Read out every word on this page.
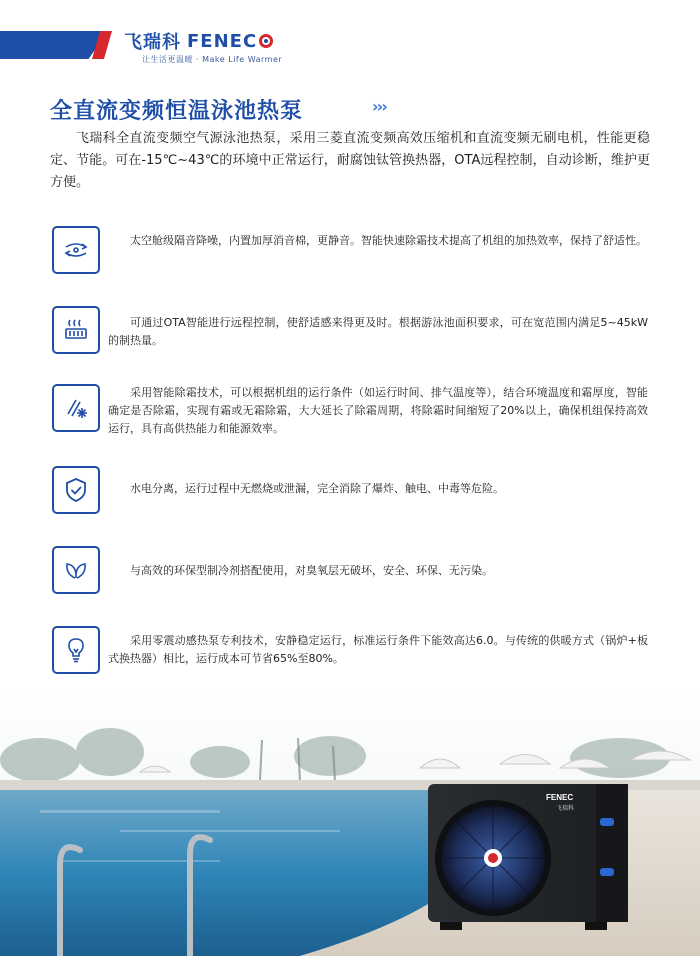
飞瑞科 FENEC
让生活更温暖 · Make Life Warmer
全直流变频恒温泳池热泵	›››
飞瑞科全直流变频空气源泳池热泵，采用三菱直流变频高效压缩机和直流变频无刷电机，性能更稳定、节能。可在-15℃~43℃的环境中正常运行，耐腐蚀钛管换热器，OTA远程控制，自动诊断，维护更方便。
太空舱级隔音降噪，内置加厚消音棉，更静音。智能快速除霜技术提高了机组的加热效率，保持了舒适性。
可通过OTA智能进行远程控制，使舒适感来得更及时。根据游泳池面积要求，可在宽范围内满足5~45kW的制热量。
采用智能除霜技术，可以根据机组的运行条件（如运行时间、排气温度等），结合环境温度和霜厚度，智能确定是否除霜，实现有霜或无霜除霜，大大延长了除霜周期，将除霜时间缩短了20%以上，确保机组保持高效运行，具有高供热能力和能源效率。
水电分离，运行过程中无燃烧或泄漏，完全消除了爆炸、触电、中毒等危险。
与高效的环保型制冷剂搭配使用，对臭氧层无破坏，安全、环保、无污染。
采用零震动感热泵专利技术，安静稳定运行，标准运行条件下能效高达6.0。与传统的供暖方式（锅炉+板式换热器）相比，运行成本可节省65%至80%。
FENEC
飞瑞科
